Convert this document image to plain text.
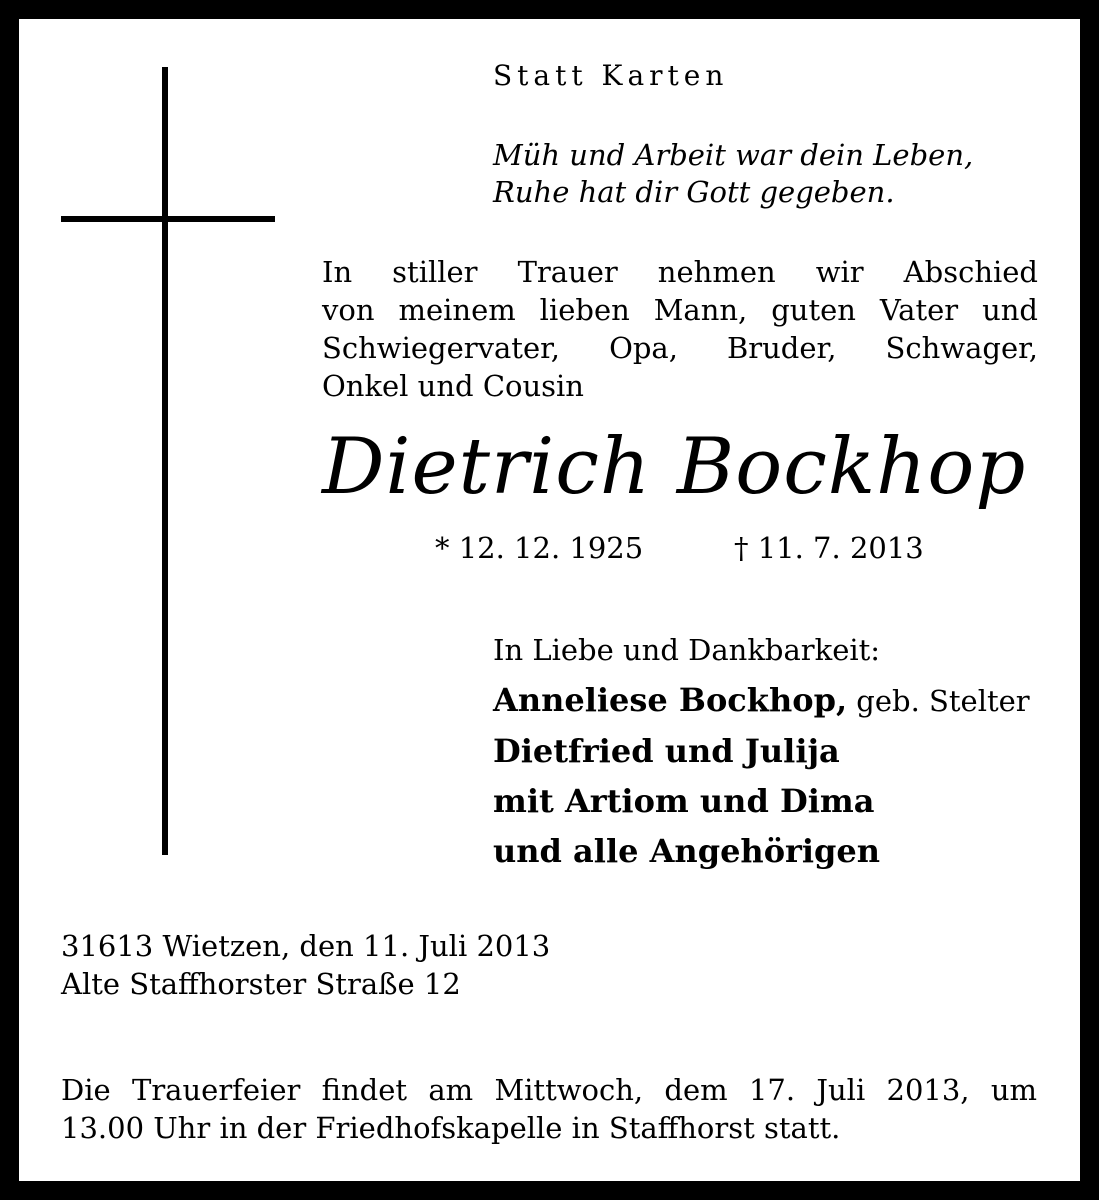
Statt Karten
Müh und Arbeit war dein Leben,
Ruhe hat dir Gott gegeben.
In stiller Trauer nehmen wir Abschied
von meinem lieben Mann, guten Vater und
Schwiegervater, Opa, Bruder, Schwager,
Onkel und Cousin
Dietrich Bockhop
* 12. 12. 1925	† 11. 7. 2013
In Liebe und Dankbarkeit:
Anneliese Bockhop, geb. Stelter
Dietfried und Julija
mit Artiom und Dima
und alle Angehörigen
31613 Wietzen, den 11. Juli 2013
Alte Staffhorster Straße 12
Die Trauerfeier findet am Mittwoch, dem 17. Juli 2013, um
13.00 Uhr in der Friedhofskapelle in Staffhorst statt.
